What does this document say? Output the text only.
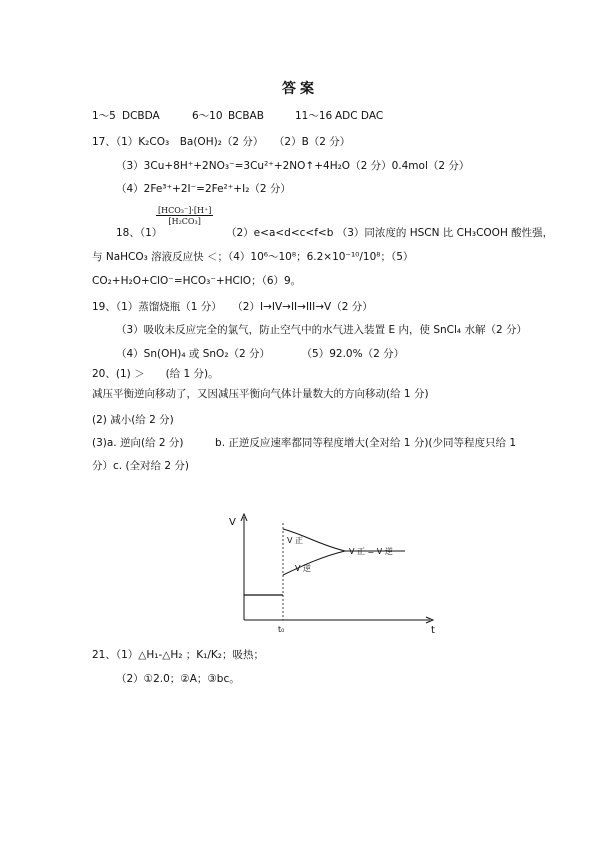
答案
1～5 DCBDA	6～10 BCBAB	11～16 ADC DAC
17、（1）K₂CO₃　Ba(OH)₂（2 分）　　（2）B（2 分）
（3）3Cu+8H⁺+2NO₃⁻=3Cu²⁺+2NO↑+4H₂O（2 分）0.4mol（2 分）
（4）2Fe³⁺+2I⁻=2Fe²⁺+I₂（2 分）
[HCO₃⁻]·[H⁺]
[H₂CO₃]
18、（1）	（2）e<a<d<c<f<b （3）同浓度的 HSCN 比 CH₃COOH 酸性强，
与 NaHCO₃ 溶液反应快 ＜；（4）10⁶～10⁸；6.2×10⁻¹⁰/10⁸；（5）
CO₂+H₂O+ClO⁻=HCO₃⁻+HClO；（6）9。
19、（1）蒸馏烧瓶（1 分）　　（2）I→IV→II→III→V（2 分）
（3）吸收未反应完全的氯气，防止空气中的水气进入装置 E 内，使 SnCl₄ 水解（2 分）
（4）Sn(OH)₄ 或 SnO₂（2 分）　　　　（5）92.0%（2 分）
20、(1) ＞　　(给 1 分)。
减压平衡逆向移动了，又因减压平衡向气体计量数大的方向移动(给 1 分)
(2) 减小(给 2 分)
(3)a. 逆向(给 2 分)　　　b. 正逆反应速率都同等程度增大(全对给 1 分)(少同等程度只给 1
分）c. (全对给 2 分)
V
t
t₀
V 正
V 逆
V 正 = V 逆
21、（1）△H₁-△H₂ ；K₁/K₂；吸热；
（2）①2.0；②A；③bc。
